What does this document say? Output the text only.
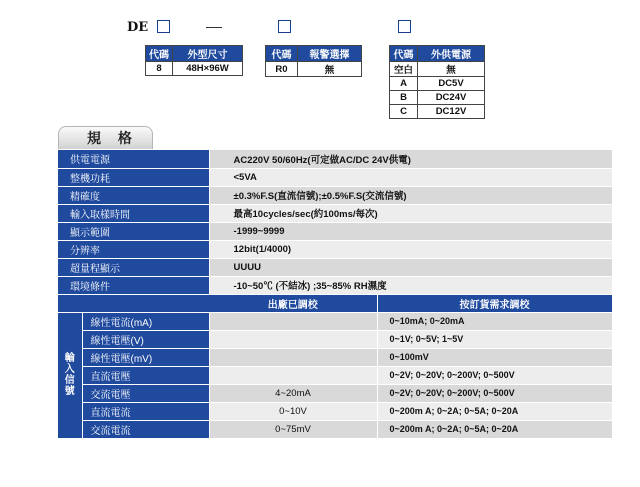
DE
代碼	外型尺寸
8	48H×96W
代碼	報警選擇
R0	無
代碼	外供電源
空白	無
A	DC5V
B	DC24V
C	DC12V
規 格
供電電源		AC220V 50/60Hz(可定做AC/DC 24V供電)	
整機功耗		<5VA	
精確度		±0.3%F.S(直流信號);±0.5%F.S(交流信號)	
輸入取樣時間		最高10cycles/sec(約100ms/每次)	
顯示範圍		-1999~9999	
分辨率		12bit(1/4000)	
超量程顯示		UUUU	
環境條件		-10~50℃ (不結冰) ;35~85% RH濕度	
		出廠已調校	按訂貨需求調校

輸
入
信
號	線性電流(mA)		0~10mA; 0~20mA
	線性電壓(V)		0~1V; 0~5V; 1~5V
	線性電壓(mV)		0~100mV
	直流電壓		0~2V; 0~20V; 0~200V; 0~500V
	交流電壓	4~20mA	0~2V; 0~20V; 0~200V; 0~500V
	直流電流	0~10V	0~200m A; 0~2A; 0~5A; 0~20A
	交流電流	0~75mV	0~200m A; 0~2A; 0~5A; 0~20A
